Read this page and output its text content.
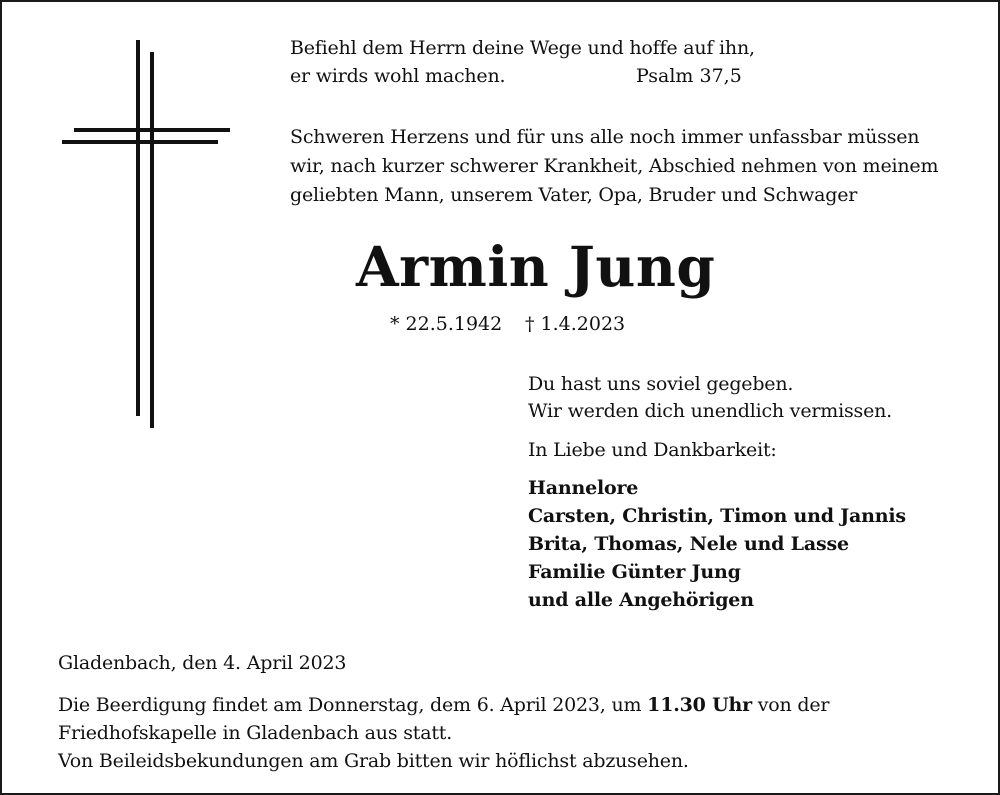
Befiehl dem Herrn deine Wege und hoffe auf ihn,
er wirds wohl machen.	Psalm 37,5
Schweren Herzens und für uns alle noch immer unfassbar müssen
wir, nach kurzer schwerer Krankheit, Abschied nehmen von meinem
geliebten Mann, unserem Vater, Opa, Bruder und Schwager
Armin Jung
* 22.5.1942 † 1.4.2023
Du hast uns soviel gegeben.
Wir werden dich unendlich vermissen.
In Liebe und Dankbarkeit:
Hannelore
Carsten, Christin, Timon und Jannis
Brita, Thomas, Nele und Lasse
Familie Günter Jung
und alle Angehörigen
Gladenbach, den 4. April 2023
Die Beerdigung findet am Donnerstag, dem 6. April 2023, um 11.30 Uhr von der
Friedhofskapelle in Gladenbach aus statt.
Von Beileidsbekundungen am Grab bitten wir höflichst abzusehen.
